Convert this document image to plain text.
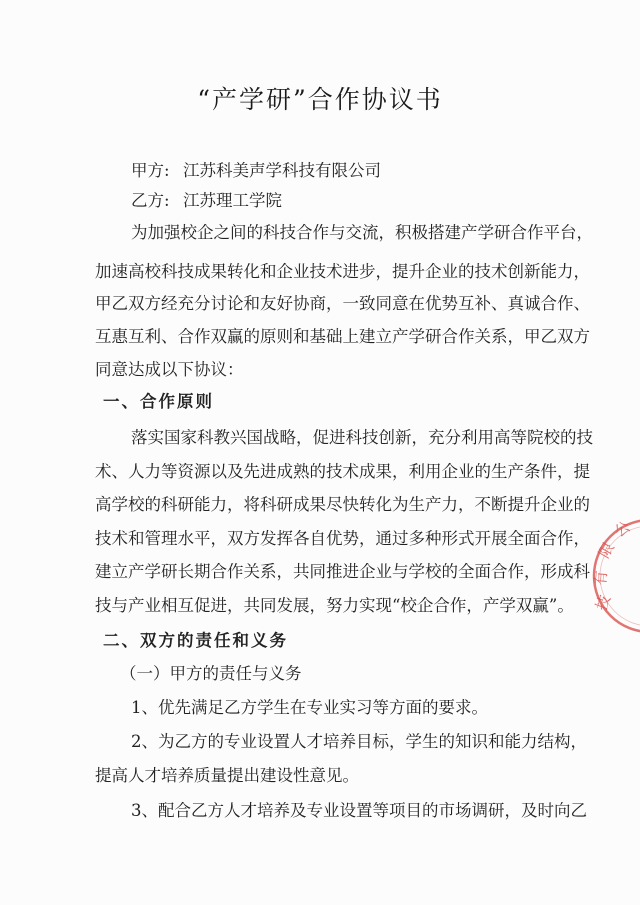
“产学研”合作协议书
甲方: 江苏科美声学科技有限公司
乙方: 江苏理工学院
为加强校企之间的科技合作与交流，积极搭建产学研合作平台，
加速高校科技成果转化和企业技术进步，提升企业的技术创新能力，
甲乙双方经充分讨论和友好协商，一致同意在优势互补、真诚合作、
互惠互利、合作双赢的原则和基础上建立产学研合作关系，甲乙双方
同意达成以下协议：
一、合作原则
落实国家科教兴国战略，促进科技创新，充分利用高等院校的技
术、人力等资源以及先进成熟的技术成果，利用企业的生产条件，提
高学校的科研能力，将科研成果尽快转化为生产力，不断提升企业的
技术和管理水平，双方发挥各自优势，通过多种形式开展全面合作，
建立产学研长期合作关系，共同推进企业与学校的全面合作，形成科
技与产业相互促进，共同发展，努力实现“校企合作，产学双赢”。
二、双方的责任和义务
（一）甲方的责任与义务
1、优先满足乙方学生在专业实习等方面的要求。
2、为乙方的专业设置人才培养目标，学生的知识和能力结构，
提高人才培养质量提出建设性意见。
3、配合乙方人才培养及专业设置等项目的市场调研，及时向乙
技
有
限
公
